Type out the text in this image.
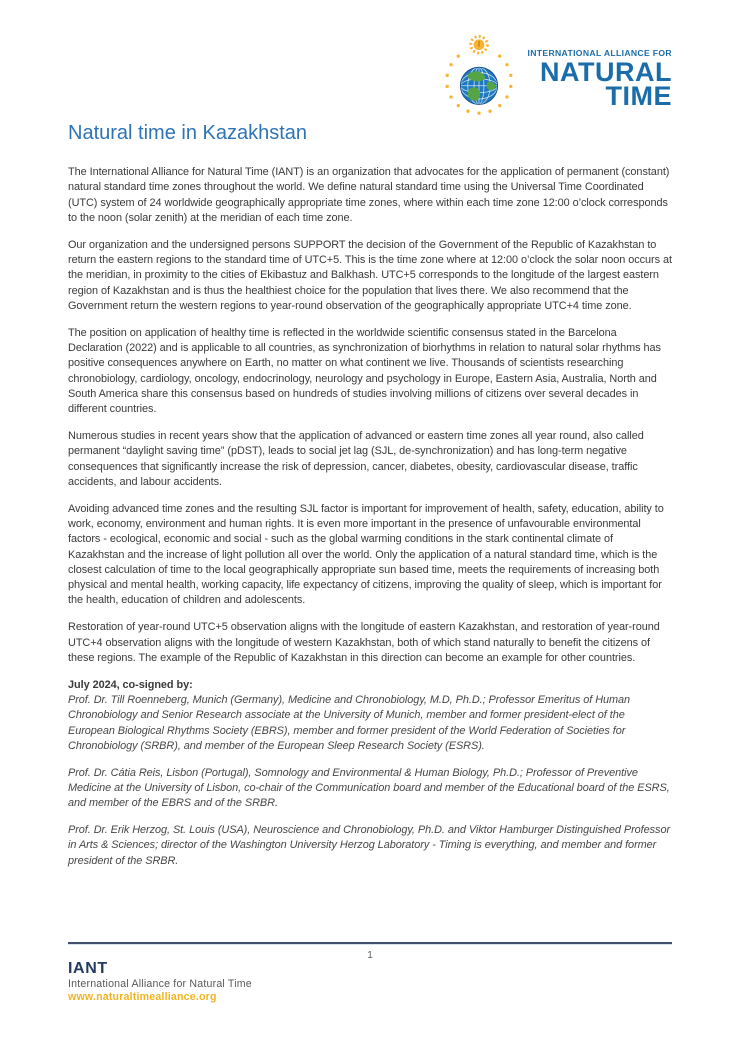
INTERNATIONAL ALLIANCE FOR
NATURAL
TIME
Natural time in Kazakhstan

The International Alliance for Natural Time (IANT) is an organization that advocates for the application of permanent (constant) natural standard time zones throughout the world. We define natural standard time using the Universal Time Coordinated (UTC) system of 24 worldwide geographically appropriate time zones, where within each time zone 12:00 o’clock corresponds to the noon (solar zenith) at the meridian of each time zone.

Our organization and the undersigned persons SUPPORT the decision of the Government of the Republic of Kazakhstan to return the eastern regions to the standard time of UTC+5. This is the time zone where at 12:00 o’clock the solar noon occurs at the meridian, in proximity to the cities of Ekibastuz and Balkhash. UTC+5 corresponds to the longitude of the largest eastern region of Kazakhstan and is thus the healthiest choice for the population that lives there. We also recommend that the Government return the western regions to year-round observation of the geographically appropriate UTC+4 time zone.

The position on application of healthy time is reflected in the worldwide scientific consensus stated in the Barcelona Declaration (2022) and is applicable to all countries, as synchronization of biorhythms in relation to natural solar rhythms has positive consequences anywhere on Earth, no matter on what continent we live. Thousands of scientists researching chronobiology, cardiology, oncology, endocrinology, neurology and psychology in Europe, Eastern Asia, Australia, North and South America share this consensus based on hundreds of studies involving millions of citizens over several decades in different countries.

Numerous studies in recent years show that the application of advanced or eastern time zones all year round, also called permanent “daylight saving time” (pDST), leads to social jet lag (SJL, de-synchronization) and has long-term negative consequences that significantly increase the risk of depression, cancer, diabetes, obesity, cardiovascular disease, traffic accidents, and labour accidents.

Avoiding advanced time zones and the resulting SJL factor is important for improvement of health, safety, education, ability to work, economy, environment and human rights. It is even more important in the presence of unfavourable environmental factors - ecological, economic and social - such as the global warming conditions in the stark continental climate of Kazakhstan and the increase of light pollution all over the world. Only the application of a natural standard time, which is the closest calculation of time to the local geographically appropriate sun based time, meets the requirements of increasing both physical and mental health, working capacity, life expectancy of citizens, improving the quality of sleep, which is important for the health, education of children and adolescents.

Restoration of year-round UTC+5 observation aligns with the longitude of eastern Kazakhstan, and restoration of year-round UTC+4 observation aligns with the longitude of western Kazakhstan, both of which stand naturally to benefit the citizens of these regions. The example of the Republic of Kazakhstan in this direction can become an example for other countries.

July 2024, co-signed by:

Prof. Dr. Till Roenneberg, Munich (Germany), Medicine and Chronobiology, M.D, Ph.D.; Professor Emeritus of Human Chronobiology and Senior Research associate at the University of Munich, member and former president-elect of the European Biological Rhythms Society (EBRS), member and former president of the World Federation of Societies for Chronobiology (SRBR), and member of the European Sleep Research Society (ESRS).

Prof. Dr. Cátia Reis, Lisbon (Portugal), Somnology and Environmental & Human Biology, Ph.D.; Professor of Preventive Medicine at the University of Lisbon, co-chair of the Communication board and member of the Educational board of the ESRS, and member of the EBRS and of the SRBR.

Prof. Dr. Erik Herzog, St. Louis (USA), Neuroscience and Chronobiology, Ph.D. and Viktor Hamburger Distinguished Professor in Arts & Sciences; director of the Washington University Herzog Laboratory - Timing is everything, and member and former president of the SRBR.

1
IANT
International Alliance for Natural Time
www.naturaltimealliance.org
